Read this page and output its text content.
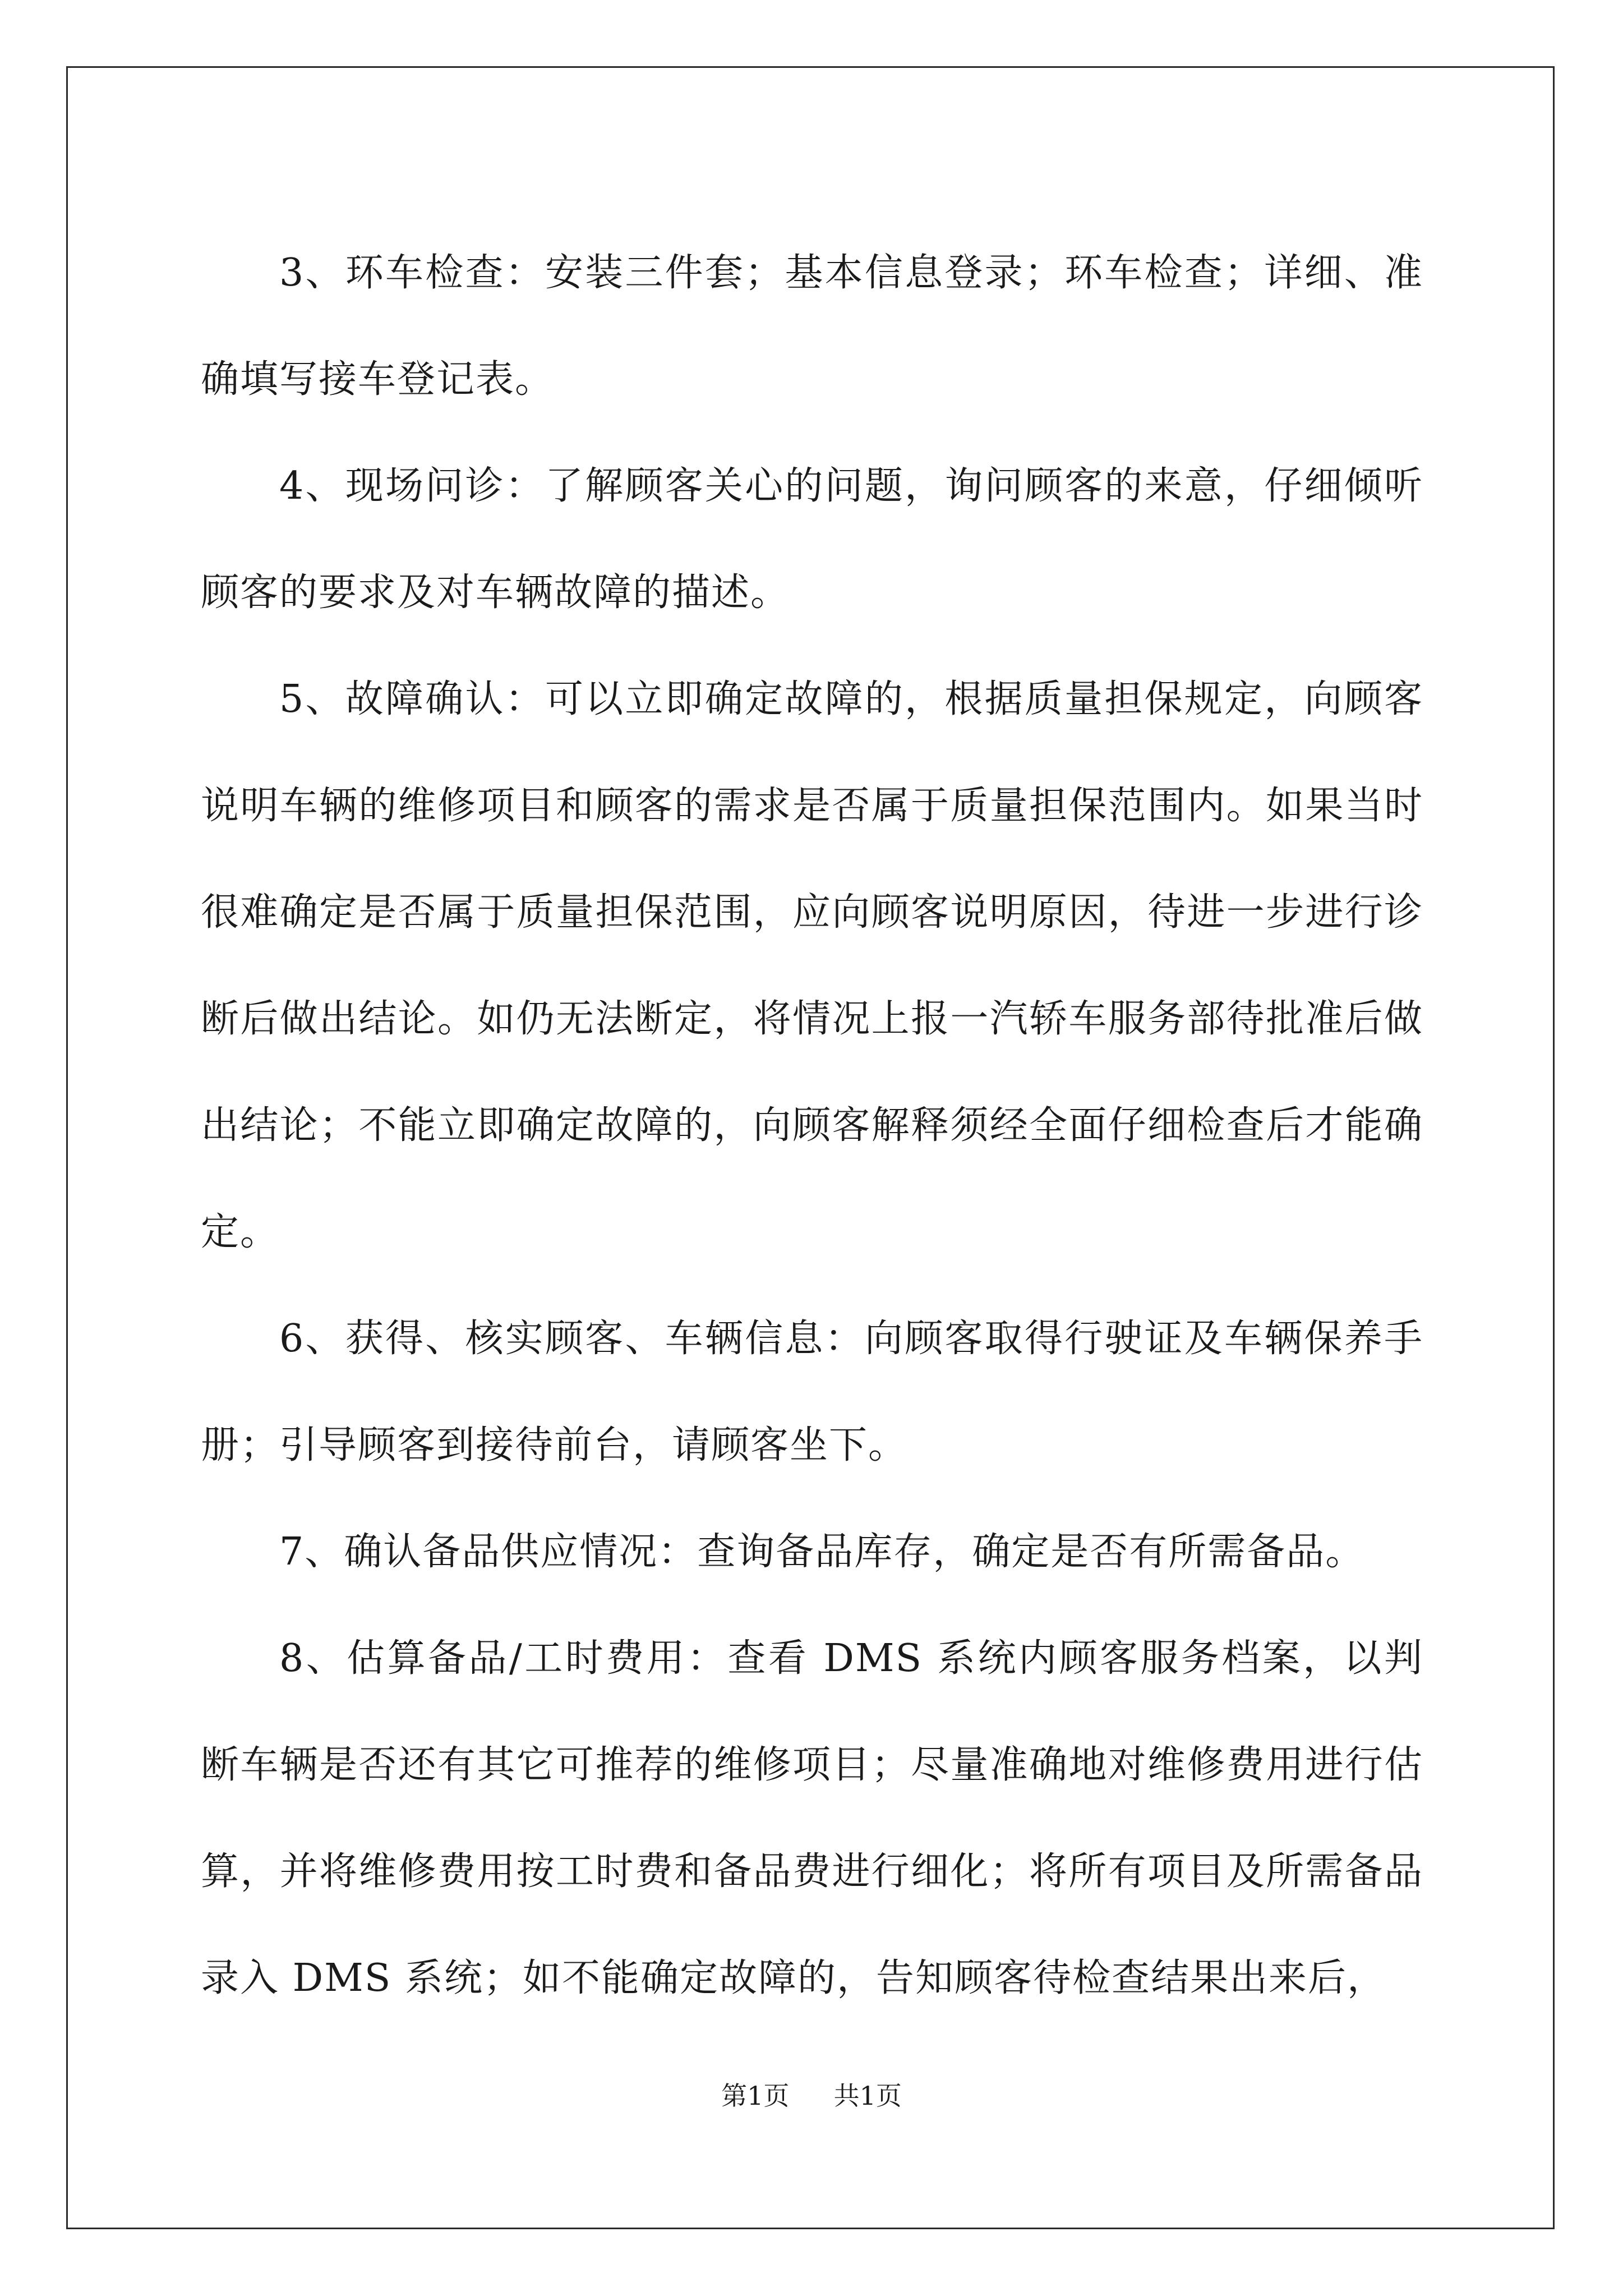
3、环车检查：安装三件套；基本信息登录；环车检查；详细、准确填写接车登记表。

4、现场问诊：了解顾客关心的问题，询问顾客的来意，仔细倾听顾客的要求及对车辆故障的描述。

5、故障确认：可以立即确定故障的，根据质量担保规定，向顾客说明车辆的维修项目和顾客的需求是否属于质量担保范围内。如果当时很难确定是否属于质量担保范围，应向顾客说明原因，待进一步进行诊断后做出结论。如仍无法断定，将情况上报一汽轿车服务部待批准后做出结论；不能立即确定故障的，向顾客解释须经全面仔细检查后才能确定。

6、获得、核实顾客、车辆信息：向顾客取得行驶证及车辆保养手册；引导顾客到接待前台，请顾客坐下。

7、确认备品供应情况：查询备品库存，确定是否有所需备品。

8、估算备品/工时费用：查看 DMS 系统内顾客服务档案，以判断车辆是否还有其它可推荐的维修项目；尽量准确地对维修费用进行估算，并将维修费用按工时费和备品费进行细化；将所有项目及所需备品录入 DMS 系统；如不能确定故障的，告知顾客待检查结果出来后，

第1页 共1页
